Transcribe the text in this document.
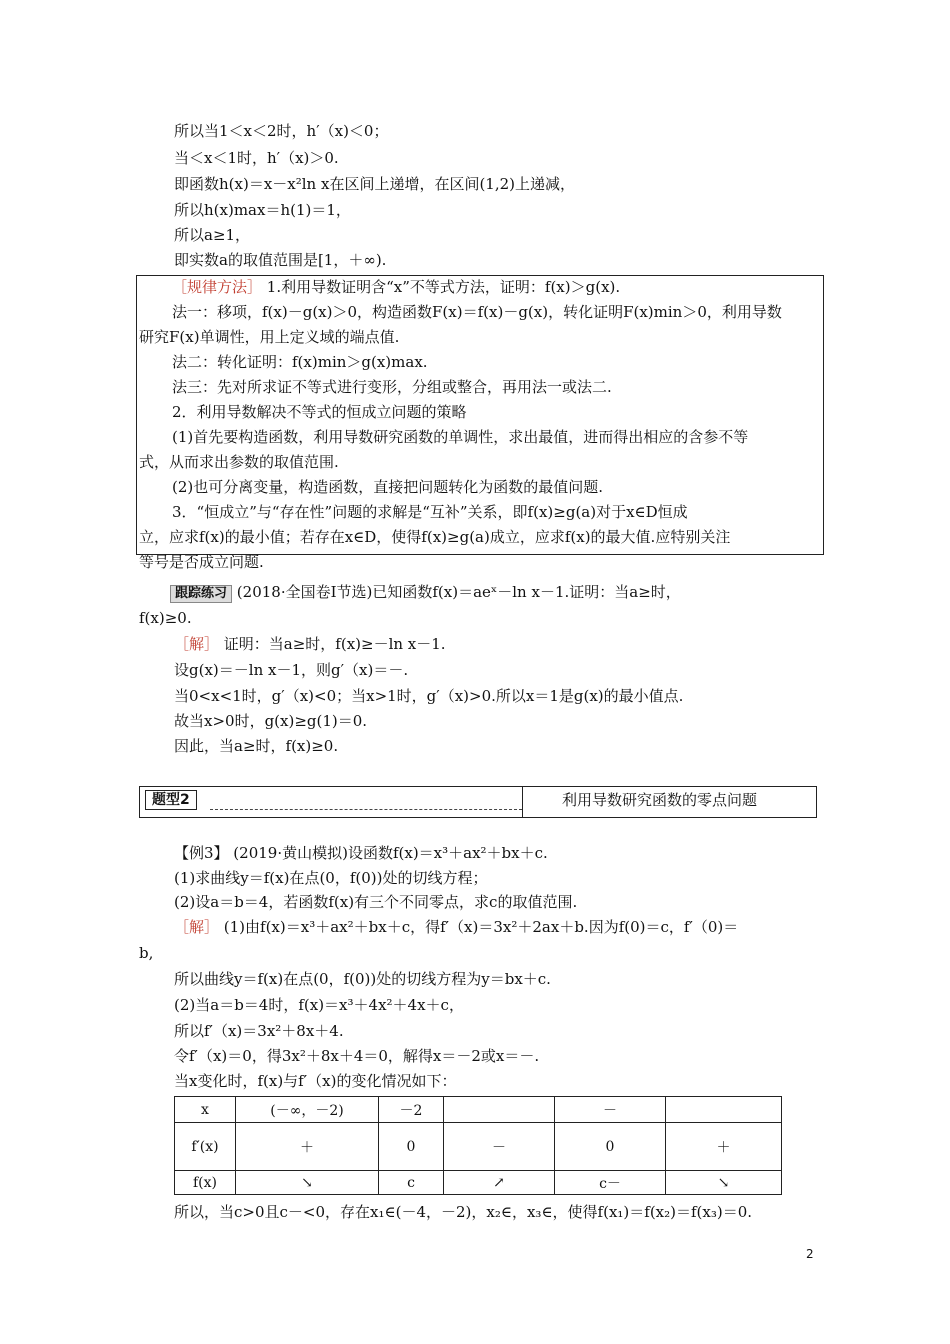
所以当1＜x＜2时，h′（x)＜0；
当＜x＜1时，h′（x)＞0.
即函数h(x)＝x－x²ln x在区间上递增，在区间(1,2)上递减，
所以h(x)max＝h(1)＝1，
所以a≥1，
即实数a的取值范围是[1，＋∞).
［规律方法］ 1.利用导数证明含“x”不等式方法，证明：f(x)＞g(x).
法一：移项，f(x)－g(x)＞0，构造函数F(x)＝f(x)－g(x)，转化证明F(x)min＞0，利用导数
研究F(x)单调性，用上定义域的端点值.
法二：转化证明：f(x)min＞g(x)max.
法三：先对所求证不等式进行变形，分组或整合，再用法一或法二.
2．利用导数解决不等式的恒成立问题的策略
(1)首先要构造函数，利用导数研究函数的单调性，求出最值，进而得出相应的含参不等
式，从而求出参数的取值范围.
(2)也可分离变量，构造函数，直接把问题转化为函数的最值问题.
3．“恒成立”与“存在性”问题的求解是“互补”关系，即f(x)≥g(a)对于x∈D恒成
立，应求f(x)的最小值；若存在x∈D，使得f(x)≥g(a)成立，应求f(x)的最大值.应特别关注
等号是否成立问题.
跟踪练习 (2018·全国卷Ⅰ节选)已知函数f(x)＝aeˣ－ln x－1.证明：当a≥时，
f(x)≥0.
［解］ 证明：当a≥时，f(x)≥－ln x－1.
设g(x)＝－ln x－1，则g′（x)＝－.
当0<x<1时，g′（x)<0；当x>1时，g′（x)>0.所以x＝1是g(x)的最小值点.
故当x>0时，g(x)≥g(1)＝0.
因此，当a≥时，f(x)≥0.
题型2	利用导数研究函数的零点问题
【例3】 (2019·黄山模拟)设函数f(x)＝x³＋ax²＋bx＋c.
(1)求曲线y＝f(x)在点(0，f(0))处的切线方程；
(2)设a＝b＝4，若函数f(x)有三个不同零点，求c的取值范围.
［解］ (1)由f(x)＝x³＋ax²＋bx＋c，得f′（x)＝3x²＋2ax＋b.因为f(0)＝c，f′（0)＝
b,
所以曲线y＝f(x)在点(0，f(0))处的切线方程为y＝bx＋c.
(2)当a＝b＝4时，f(x)＝x³＋4x²＋4x＋c，
所以f′（x)＝3x²＋8x＋4.
令f′（x)＝0，得3x²＋8x＋4＝0，解得x＝－2或x＝－.
当x变化时，f(x)与f′（x)的变化情况如下：
x	(－∞，－2)	－2		－	
f′(x)	＋	0	－	0	＋
f(x)	↘	c	↗	c－	↘
所以，当c>0且c－<0，存在x₁∈(－4，－2)，x₂∈，x₃∈，使得f(x₁)＝f(x₂)＝f(x₃)＝0.
2
